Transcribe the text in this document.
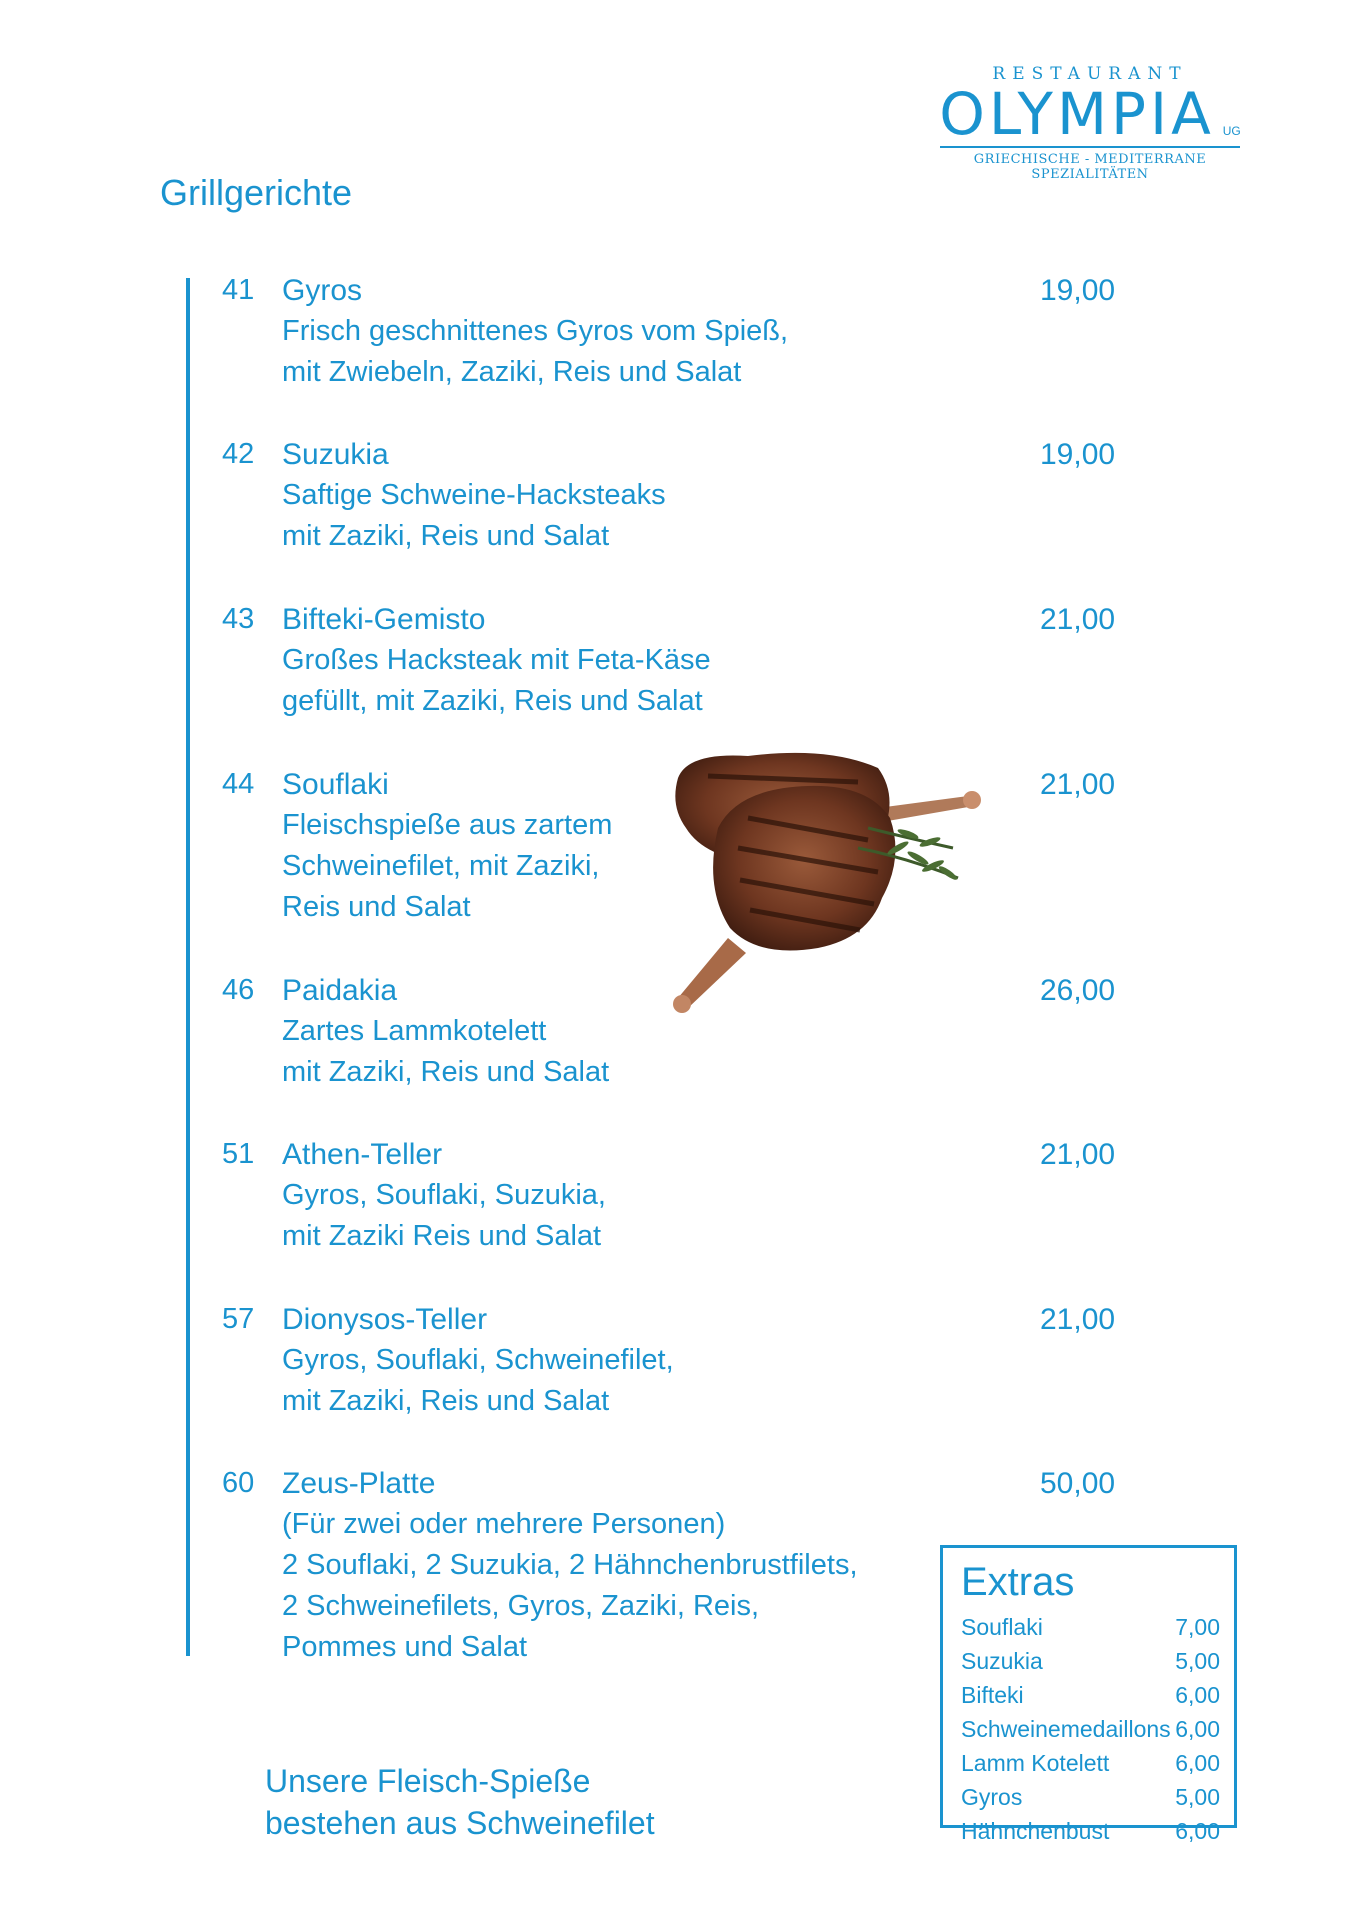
RESTAURANT
OLYMPIA UG
GRIECHISCHE - MEDITERRANE SPEZIALITÄTEN
Grillgerichte
41 Gyros	19,00
Frisch geschnittenes Gyros vom Spieß,
mit Zwiebeln, Zaziki, Reis und Salat
42 Suzukia	19,00
Saftige Schweine-Hacksteaks
mit Zaziki, Reis und Salat
43 Bifteki-Gemisto	21,00
Großes Hacksteak mit Feta-Käse
gefüllt, mit Zaziki, Reis und Salat
44 Souflaki	21,00
Fleischspieße aus zartem
Schweinefilet, mit Zaziki,
Reis und Salat
46 Paidakia	26,00
Zartes Lammkotelett
mit Zaziki, Reis und Salat
51 Athen-Teller	21,00
Gyros, Souflaki, Suzukia,
mit Zaziki Reis und Salat
57 Dionysos-Teller	21,00
Gyros, Souflaki, Schweinefilet,
mit Zaziki, Reis und Salat
60 Zeus-Platte	50,00
(Für zwei oder mehrere Personen)
2 Souflaki, 2 Suzukia, 2 Hähnchenbrustfilets,
2 Schweinefilets, Gyros, Zaziki, Reis,
Pommes und Salat
Unsere Fleisch-Spieße
bestehen aus Schweinefilet
Extras
Souflaki	7,00
Suzukia	5,00
Bifteki	6,00
Schweinemedaillons 6,00
Lamm Kotelett	6,00
Gyros	5,00
Hähnchenbust	6,00
